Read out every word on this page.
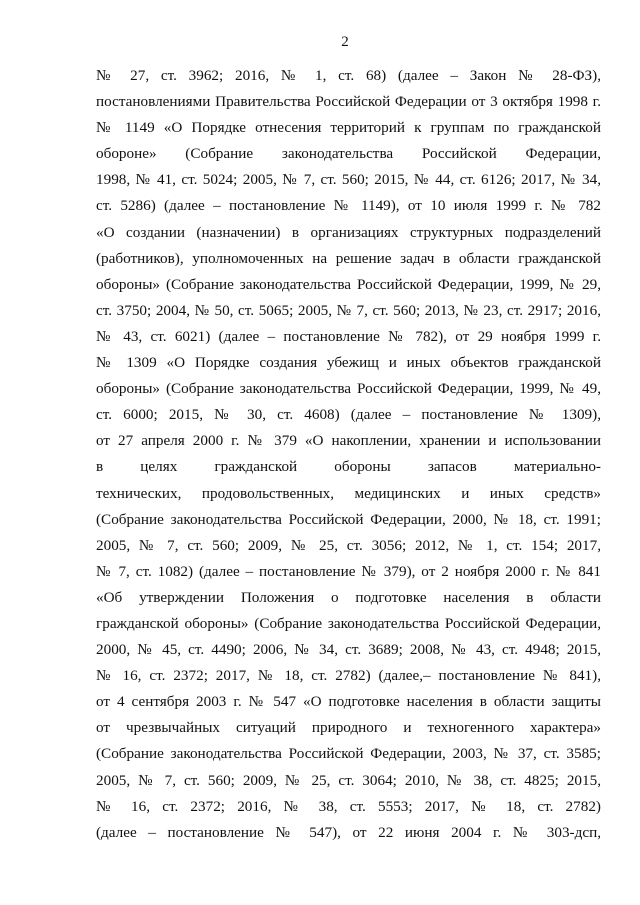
2
№ 27, ст. 3962; 2016, № 1, ст. 68) (далее – Закон № 28-ФЗ),
постановлениями Правительства Российской Федерации от 3 октября 1998 г.
№ 1149 «О Порядке отнесения территорий к группам по гражданской
обороне» (Собрание законодательства Российской Федерации,
1998, № 41, ст. 5024; 2005, № 7, ст. 560; 2015, № 44, ст. 6126; 2017, № 34,
ст. 5286) (далее – постановление № 1149), от 10 июля 1999 г. № 782
«О создании (назначении) в организациях структурных подразделений
(работников), уполномоченных на решение задач в области гражданской
обороны» (Собрание законодательства Российской Федерации, 1999, № 29,
ст. 3750; 2004, № 50, ст. 5065; 2005, № 7, ст. 560; 2013, № 23, ст. 2917; 2016,
№ 43, ст. 6021) (далее – постановление № 782), от 29 ноября 1999 г.
№ 1309 «О Порядке создания убежищ и иных объектов гражданской
обороны» (Собрание законодательства Российской Федерации, 1999, № 49,
ст. 6000; 2015, № 30, ст. 4608) (далее – постановление № 1309),
от 27 апреля 2000 г. № 379 «О накоплении, хранении и использовании
в целях гражданской обороны запасов материально-
технических, продовольственных, медицинских и иных средств»
(Собрание законодательства Российской Федерации, 2000, № 18, ст. 1991;
2005, № 7, ст. 560; 2009, № 25, ст. 3056; 2012, № 1, ст. 154; 2017,
№ 7, ст. 1082) (далее – постановление № 379), от 2 ноября 2000 г. № 841
«Об утверждении Положения о подготовке населения в области
гражданской обороны» (Собрание законодательства Российской Федерации,
2000, № 45, ст. 4490; 2006, № 34, ст. 3689; 2008, № 43, ст. 4948; 2015,
№ 16, ст. 2372; 2017, № 18, ст. 2782) (далее,– постановление № 841),
от 4 сентября 2003 г. № 547 «О подготовке населения в области защиты
от чрезвычайных ситуаций природного и техногенного характера»
(Собрание законодательства Российской Федерации, 2003, № 37, ст. 3585;
2005, № 7, ст. 560; 2009, № 25, ст. 3064; 2010, № 38, ст. 4825; 2015,
№ 16, ст. 2372; 2016, № 38, ст. 5553; 2017, № 18, ст. 2782)
(далее – постановление № 547), от 22 июня 2004 г. № 303-дсп,
